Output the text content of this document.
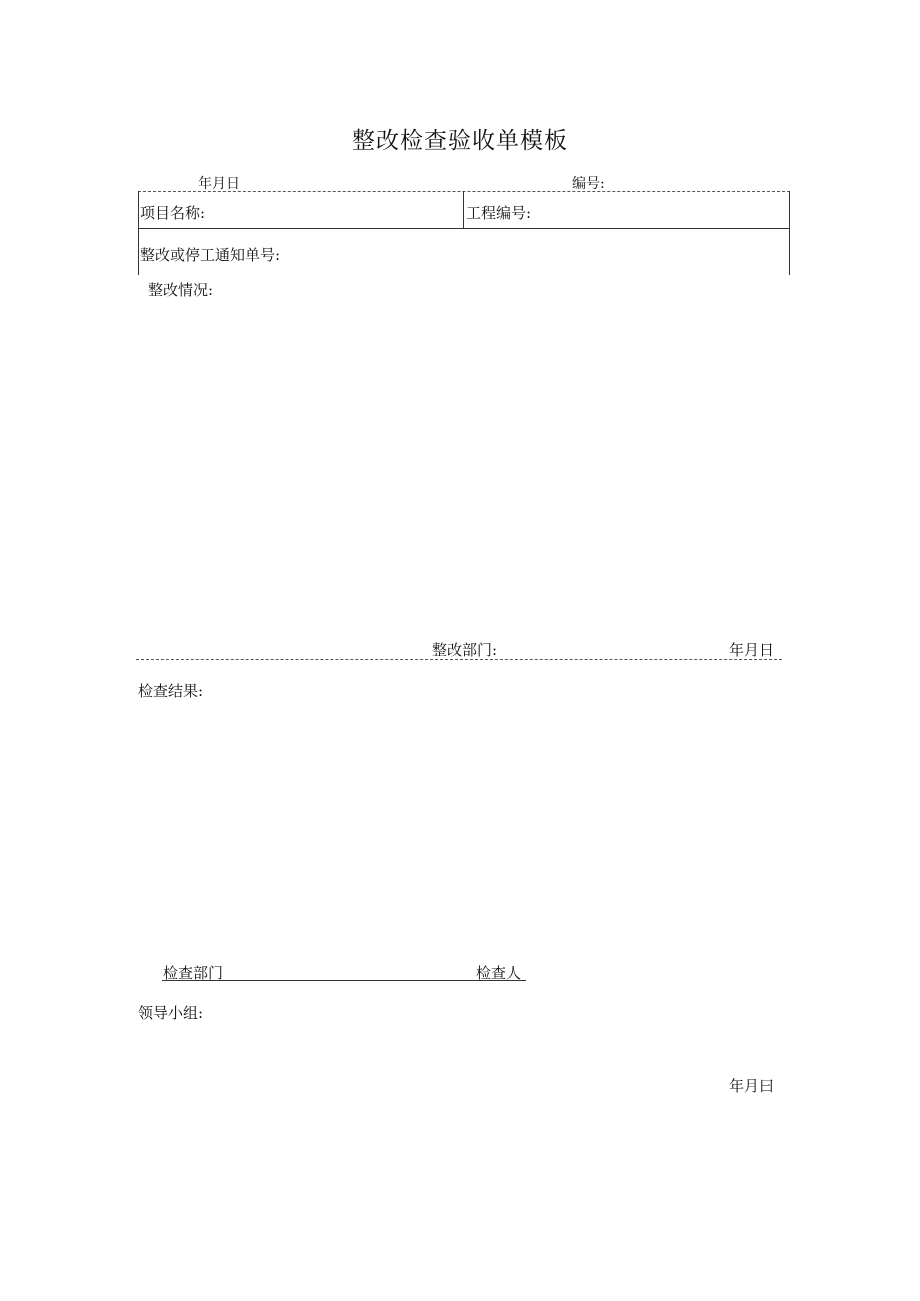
整改检查验收单模板
年月日	编号:
项目名称:	工程编号:
整改或停工通知单号:
整改情况:
整改部门:	年月日
检查结果:
检查部门	检查人
领导小组:
年月曰
